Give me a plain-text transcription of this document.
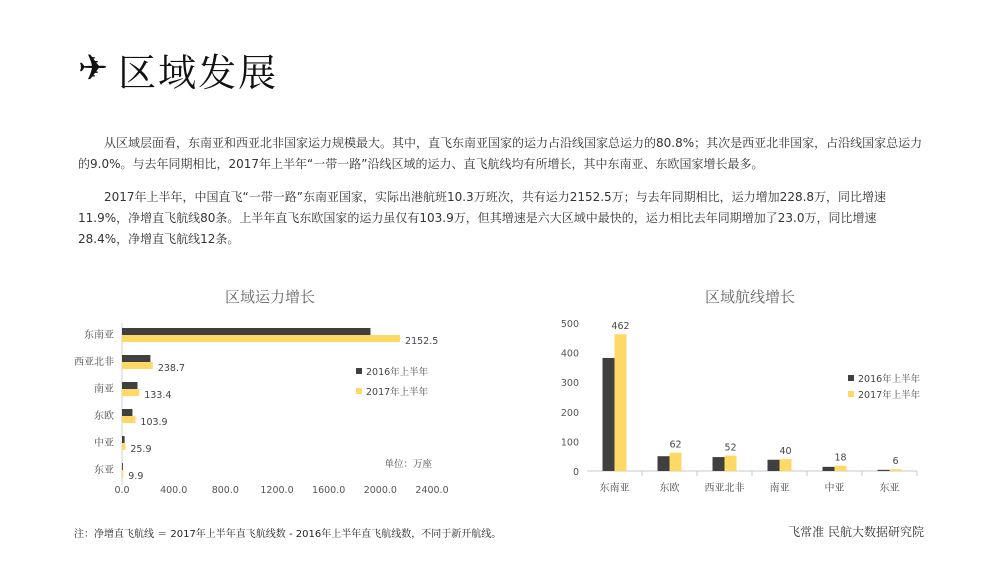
✈ 区域发展

从区域层面看，东南亚和西亚北非国家运力规模最大。其中，直飞东南亚国家的运力占沿线国家总运力的80.8%；其次是西亚北非国家，占沿线国家总运力的9.0%。与去年同期相比，2017年上半年“一带一路”沿线区域的运力、直飞航线均有所增长，其中东南亚、东欧国家增长最多。

2017年上半年，中国直飞“一带一路”东南亚国家，实际出港航班10.3万班次，共有运力2152.5万；与去年同期相比，运力增加228.8万，同比增速11.9%，净增直飞航线80条。上半年直飞东欧国家的运力虽仅有103.9万，但其增速是六大区域中最快的，运力相比去年同期增加了23.0万，同比增速28.4%，净增直飞航线12条。

区域运力增长	区域航线增长
东南亚
2152.5
西亚北非
238.7
南亚
133.4
东欧
103.9
中亚
25.9
东亚
9.9
0.0	400.0	800.0 1200.0 1600.0 2000.0 2400.0
2016年上半年
2017年上半年
单位：万座
0
100
200
300
400
500	462
东南亚
62
东欧
52
西亚北非
40
南亚
18
中亚
6
东亚
2016年上半年
2017年上半年
注：净增直飞航线 ＝ 2017年上半年直飞航线数 - 2016年上半年直飞航线数，不同于新开航线。	飞常准 民航大数据研究院
